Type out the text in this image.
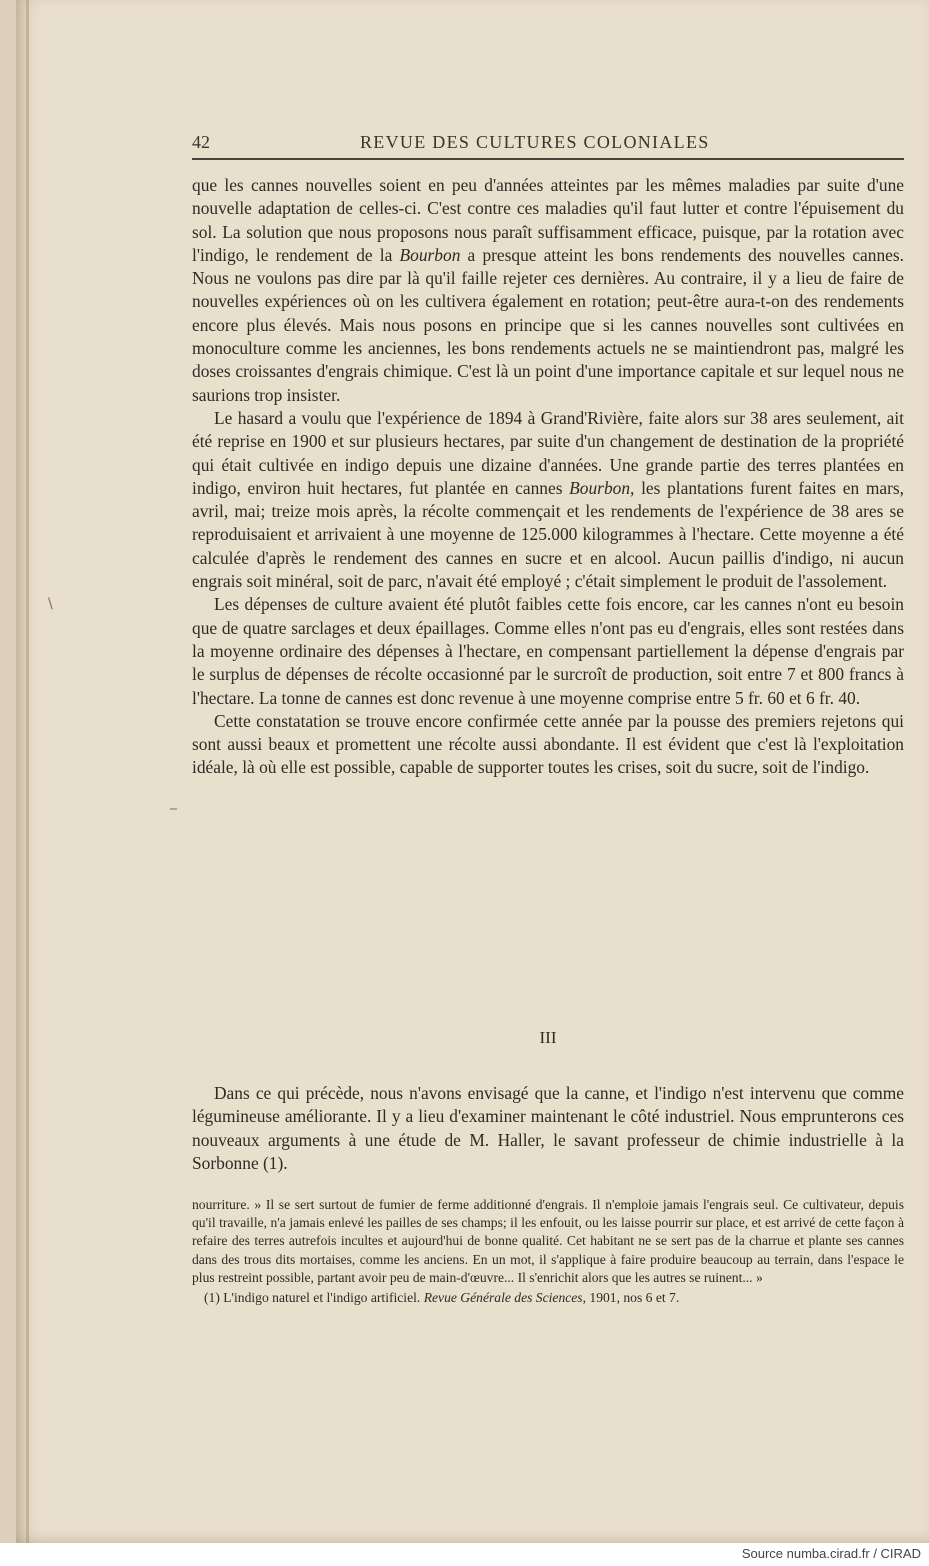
\
_
42	REVUE DES CULTURES COLONIALES

que les cannes nouvelles soient en peu d'années atteintes par les mêmes maladies par suite d'une nouvelle adaptation de celles-ci. C'est contre ces maladies qu'il faut lutter et contre l'épuisement du sol. La solution que nous proposons nous paraît suffisamment efficace, puisque, par la rotation avec l'indigo, le rendement de la Bourbon a presque atteint les bons rendements des nouvelles cannes. Nous ne voulons pas dire par là qu'il faille rejeter ces dernières. Au contraire, il y a lieu de faire de nouvelles expériences où on les cultivera également en rotation; peut-être aura-t-on des rendements encore plus élevés. Mais nous posons en principe que si les cannes nouvelles sont cultivées en monoculture comme les anciennes, les bons rendements actuels ne se maintiendront pas, malgré les doses croissantes d'engrais chimique. C'est là un point d'une importance capitale et sur lequel nous ne saurions trop insister.

Le hasard a voulu que l'expérience de 1894 à Grand'Rivière, faite alors sur 38 ares seulement, ait été reprise en 1900 et sur plusieurs hectares, par suite d'un changement de destination de la propriété qui était cultivée en indigo depuis une dizaine d'années. Une grande partie des terres plantées en indigo, environ huit hectares, fut plantée en cannes Bourbon, les plantations furent faites en mars, avril, mai; treize mois après, la récolte commençait et les rendements de l'expérience de 38 ares se reproduisaient et arrivaient à une moyenne de 125.000 kilogrammes à l'hectare. Cette moyenne a été calculée d'après le rendement des cannes en sucre et en alcool. Aucun paillis d'indigo, ni aucun engrais soit minéral, soit de parc, n'avait été employé ; c'était simplement le produit de l'assolement.

Les dépenses de culture avaient été plutôt faibles cette fois encore, car les cannes n'ont eu besoin que de quatre sarclages et deux épaillages. Comme elles n'ont pas eu d'engrais, elles sont restées dans la moyenne ordinaire des dépenses à l'hectare, en compensant partiellement la dépense d'engrais par le surplus de dépenses de récolte occasionné par le surcroît de production, soit entre 7 et 800 francs à l'hectare. La tonne de cannes est donc revenue à une moyenne comprise entre 5 fr. 60 et 6 fr. 40.

Cette constatation se trouve encore confirmée cette année par la pousse des premiers rejetons qui sont aussi beaux et promettent une récolte aussi abondante. Il est évident que c'est là l'exploitation idéale, là où elle est possible, capable de supporter toutes les crises, soit du sucre, soit de l'indigo.

III

Dans ce qui précède, nous n'avons envisagé que la canne, et l'indigo n'est intervenu que comme légumineuse améliorante. Il y a lieu d'examiner maintenant le côté industriel. Nous emprunterons ces nouveaux arguments à une étude de M. Haller, le savant professeur de chimie industrielle à la Sorbonne (1).

nourriture. » Il se sert surtout de fumier de ferme additionné d'engrais. Il n'emploie jamais l'engrais seul. Ce cultivateur, depuis qu'il travaille, n'a jamais enlevé les pailles de ses champs; il les enfouit, ou les laisse pourrir sur place, et est arrivé de cette façon à refaire des terres autrefois incultes et aujourd'hui de bonne qualité. Cet habitant ne se sert pas de la charrue et plante ses cannes dans des trous dits mortaises, comme les anciens. En un mot, il s'applique à faire produire beaucoup au terrain, dans l'espace le plus restreint possible, partant avoir peu de main-d'œuvre... Il s'enrichit alors que les autres se ruinent... »

(1) L'indigo naturel et l'indigo artificiel. Revue Générale des Sciences, 1901, nos 6 et 7.

Source numba.cirad.fr / CIRAD
